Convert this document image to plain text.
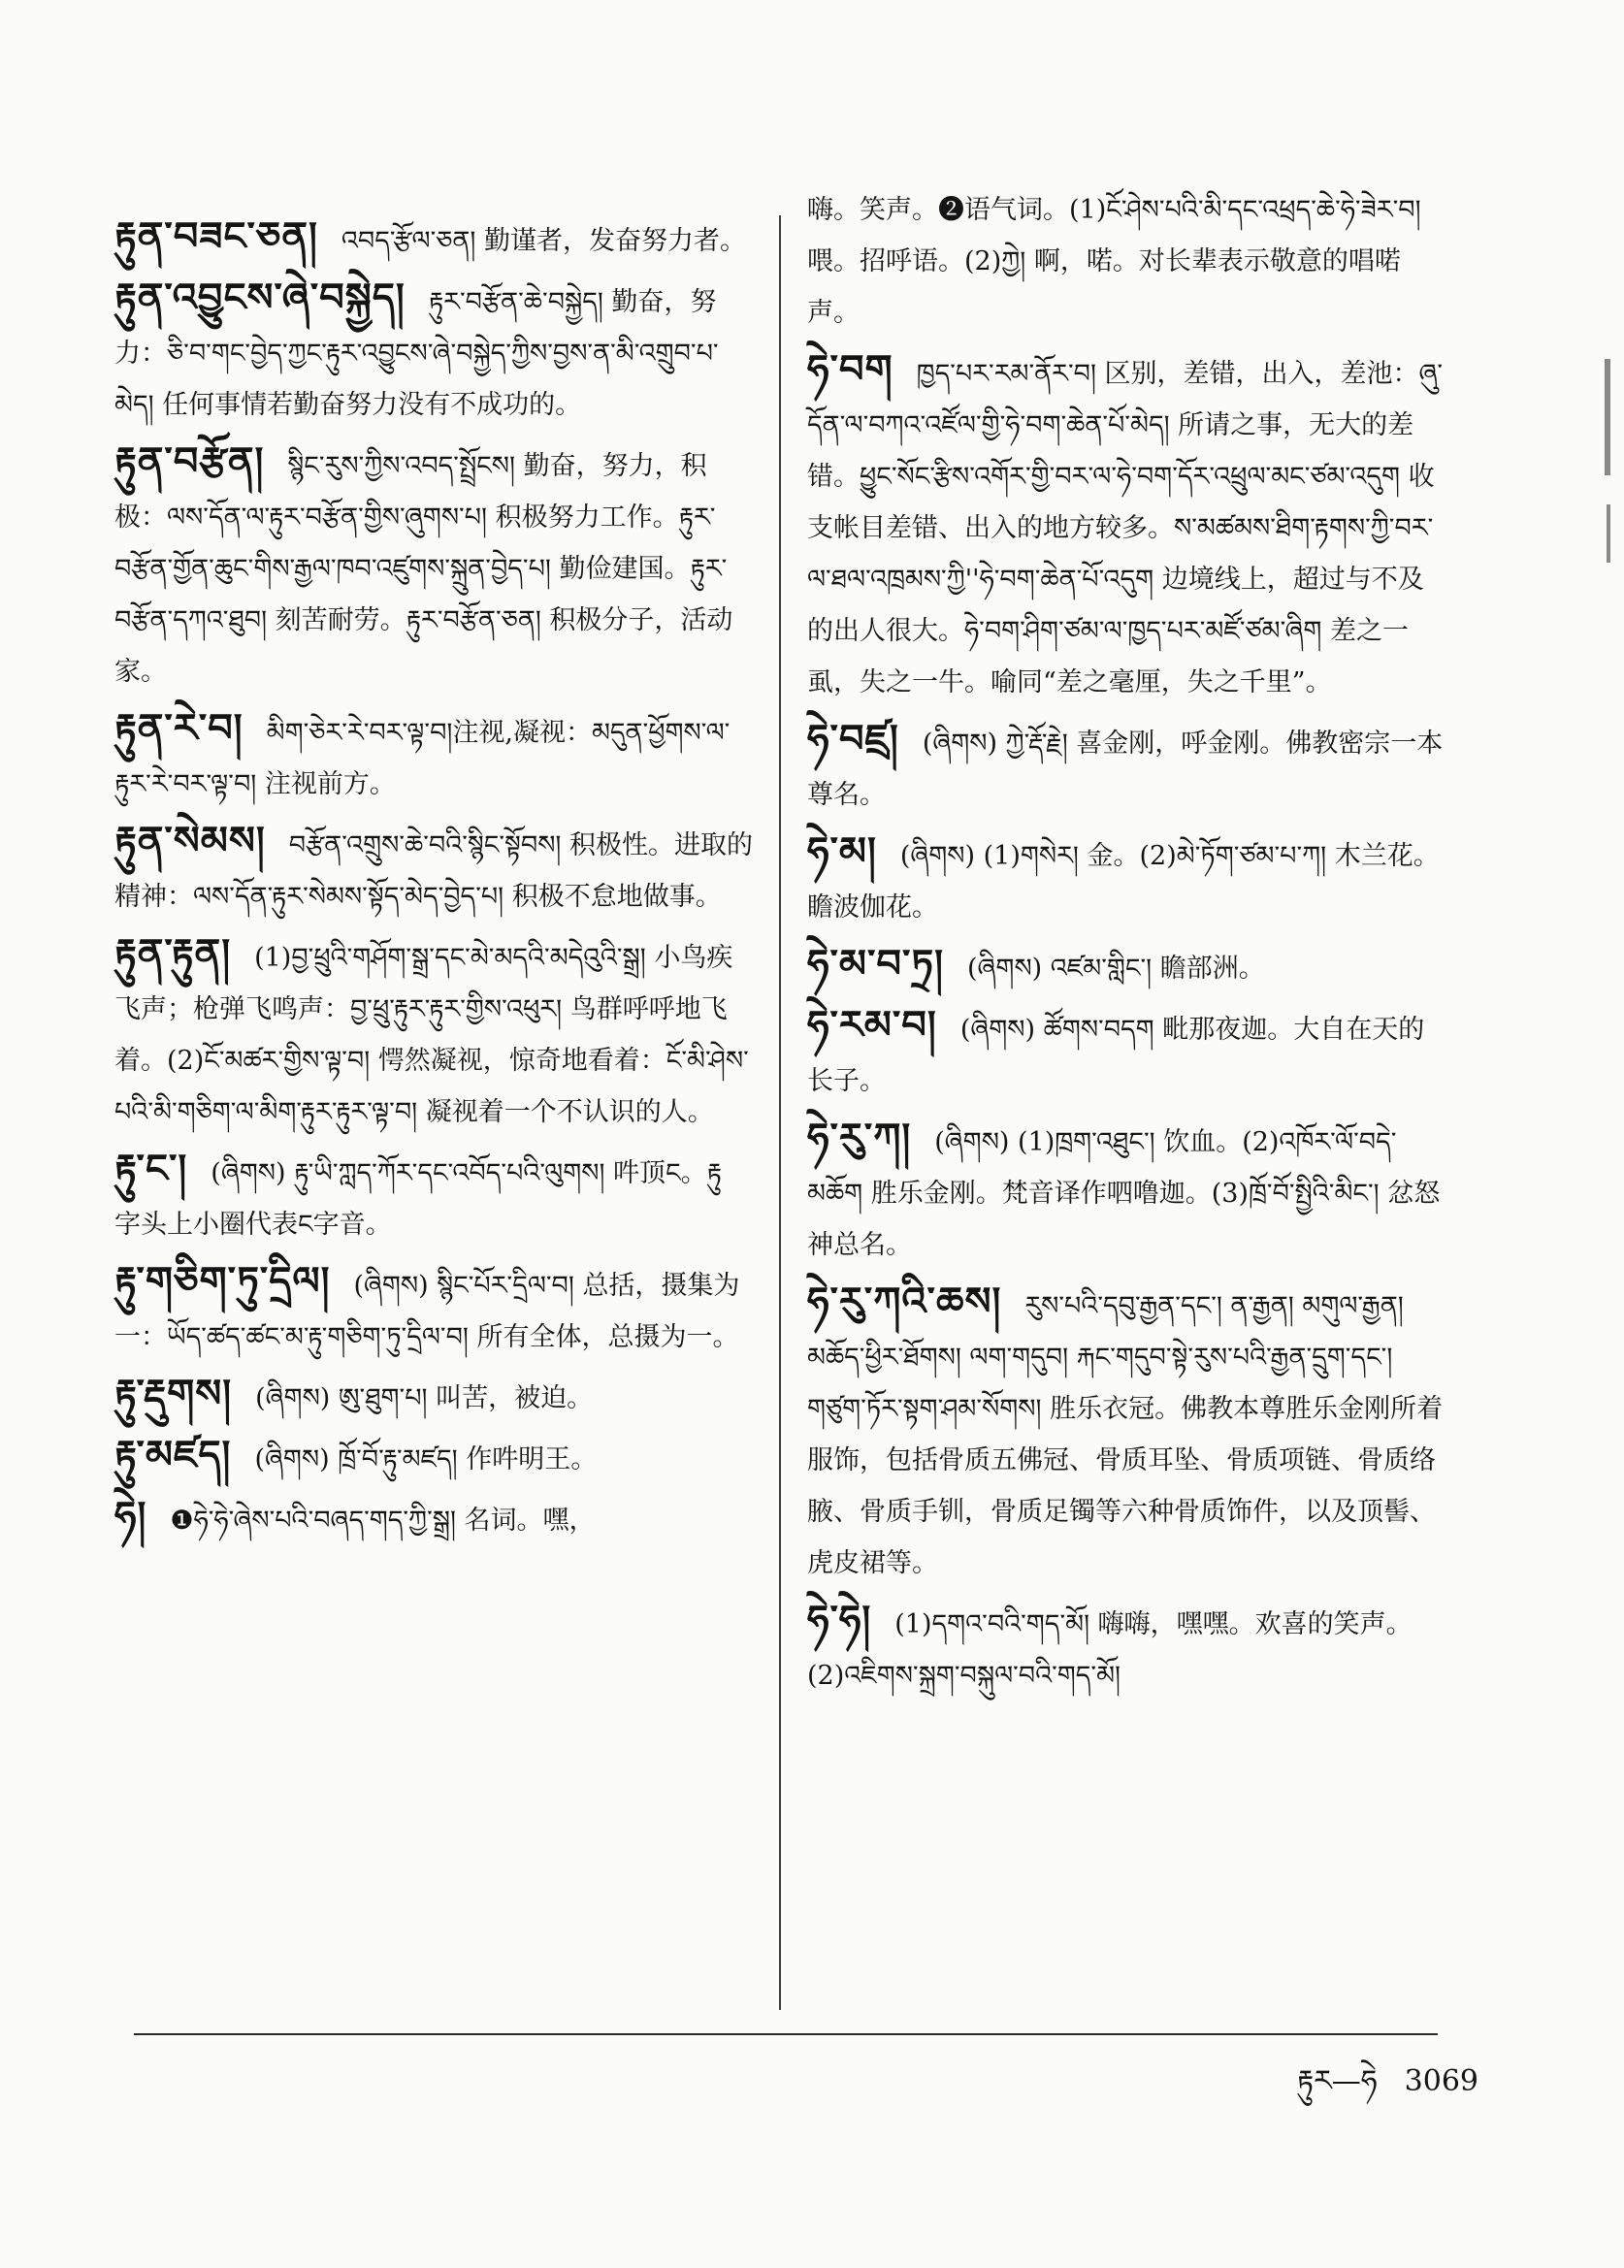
རྟུན་བཟང་ཅན། འབད་རྩོལ་ཅན། 勤谨者，发奋努力者。

རྟུན་འབྱུངས་ཞེ་བསྐྱེད། རྟུར་བརྩོན་ཆེ་བསྐྱེད། 勤奋，努力：ཅི་བ་གང་བྱེད་ཀྱང་རྟུར་འབྱུངས་ཞེ་བསྐྱེད་ཀྱིས་བྱས་ན་མི་འགྲུབ་པ་མེད། 任何事情若勤奋努力没有不成功的。

རྟུན་བརྩོན། སྙིང་རུས་ཀྱིས་འབད་སྤྲོངས། 勤奋，努力，积极：ལས་དོན་ལ་རྟུར་བརྩོན་གྱིས་ཞུགས་པ། 积极努力工作。རྟུར་བརྩོན་གྱོན་ཆུང་གིས་རྒྱལ་ཁབ་འཛུགས་སྐྲུན་བྱེད་པ། 勤俭建国。རྟུར་བརྩོན་དཀའ་ཐུབ། 刻苦耐劳。རྟུར་བརྩོན་ཅན། 积极分子，活动家。

རྟུན་རེ་བ། མིག་ཅེར་རེ་བར་ལྟ་བ།注视,凝视：མདུན་ཕྱོགས་ལ་རྟུར་རེ་བར་ལྟ་བ། 注视前方。

རྟུན་སེམས། བརྩོན་འགྲུས་ཆེ་བའི་སྙིང་སྟོབས། 积极性。进取的精神：ལས་དོན་རྟུར་སེམས་སྟོད་མེད་བྱེད་པ། 积极不怠地做事。

རྟུན་རྟུན། (1)བྱ་ཕྲུའི་གཤོག་སྒྲ་དང་མེ་མདའི་མདེའུའི་སྒྲ། 小鸟疾飞声；枪弹飞鸣声：བྱ་ཕྲུ་རྟུར་རྟུར་གྱིས་འཕུར། 鸟群呼呼地飞着。(2)ངོ་མཚར་གྱིས་ལྟ་བ། 愕然凝视，惊奇地看着：ངོ་མི་ཤེས་པའི་མི་གཅིག་ལ་མིག་རྟུར་རྟུར་ལྟ་བ། 凝视着一个不认识的人。

རྟུ་ང་། (ཞིགས) རྟུ་ཡི་ཀླད་ཀོར་དང་འབོད་པའི་ལུགས། 吽顶ང。རྟུ 字头上小圈代表ང字音。

རྟུ་གཅིག་ཏུ་དྲིལ། (ཞིགས) སྙིང་པོར་དྲིལ་བ། 总括，摄集为一：ཡོད་ཚད་ཚང་མ་རྟུ་གཅིག་ཏུ་དྲིལ་བ། 所有全体，总摄为一。

རྟུ་རྡུགས། (ཞིགས) ཨུ་ཐུག་པ། 叫苦，被迫。

རྟུ་མཛད། (ཞིགས) ཁྲོ་བོ་རྟུ་མཛད། 作吽明王。

ཧེ། ❶ཧེ་ཧེ་ཞེས་པའི་བཞད་གད་ཀྱི་སྒྲ། 名词。嘿，

嗨。笑声。❷语气词。(1)ངོ་ཤེས་པའི་མི་དང་འཕྲད་ཆེ་ཧེ་ཟེར་བ། 喂。招呼语。(2)ཀྱེ། 啊，喏。对长辈表示敬意的唱喏声。

ཧེ་བག ཁྱད་པར་རམ་ནོར་བ། 区别，差错，出入，差池：ཞུ་དོན་ལ་བཀའ་འཛོལ་གྱི་ཧེ་བག་ཆེན་པོ་མེད། 所请之事，无大的差错。ཕྱུང་སོང་རྩིས་འགོར་གྱི་བར་ལ་ཧེ་བག་དོར་འཕྲུལ་མང་ཙམ་འདུག 收支帐目差错、出入的地方较多。ས་མཚམས་ཐིག་རྟགས་ཀྱི་བར་ལ་ཐལ་འཁྲམས་ཀྱི''ཧེ་བག་ཆེན་པོ་འདུག 边境线上，超过与不及的出人很大。ཧེ་བག་ཤིག་ཙམ་ལ་ཁྱད་པར་མཛོ་ཙམ་ཞིག 差之一虱，失之一牛。喻同“差之毫厘，失之千里”。

ཧེ་བཛྲ། (ཞིགས) ཀྱེ་རྡོ་རྗེ། 喜金刚，呼金刚。佛教密宗一本尊名。

ཧེ་མ། (ཞིགས) (1)གསེར། 金。(2)མེ་ཏོག་ཙམ་པ་ཀ། 木兰花。瞻波伽花。

ཧེ་མ་བ་ཏྲ། (ཞིགས) འཛམ་གླིང་། 瞻部洲。

ཧེ་རམ་བ། (ཞིགས) ཚོགས་བདག 毗那夜迦。大自在天的长子。

ཧེ་རུ་ཀ། (ཞིགས) (1)ཁྲག་འཐུང་། 饮血。(2)འཁོར་ལོ་བདེ་མཆོག 胜乐金刚。梵音译作呬噜迦。(3)ཁྲོ་བོ་སྤྱིའི་མིང་། 忿怒神总名。

ཧེ་རུ་ཀའི་ཆས། རུས་པའི་དབུ་རྒྱན་དང་། ན་རྒྱན། མགུལ་རྒྱན། མཆོད་ཕྱིར་ཐོགས། ལག་གདུབ། རྐང་གདུབ་སྟེ་རུས་པའི་རྒྱན་དྲུག་དང་། གཙུག་ཏོར་སྟག་ཤམ་སོགས། 胜乐衣冠。佛教本尊胜乐金刚所着服饰，包括骨质五佛冠、骨质耳坠、骨质项链、骨质络腋、骨质手钏，骨质足镯等六种骨质饰件，以及顶髻、虎皮裙等。

ཧེ་ཧེ། (1)དགའ་བའི་གད་མོ། 嗨嗨，嘿嘿。欢喜的笑声。(2)འཇིགས་སྐྲག་བསྐུལ་བའི་གད་མོ།

རྟུར—ཧེ 3069
